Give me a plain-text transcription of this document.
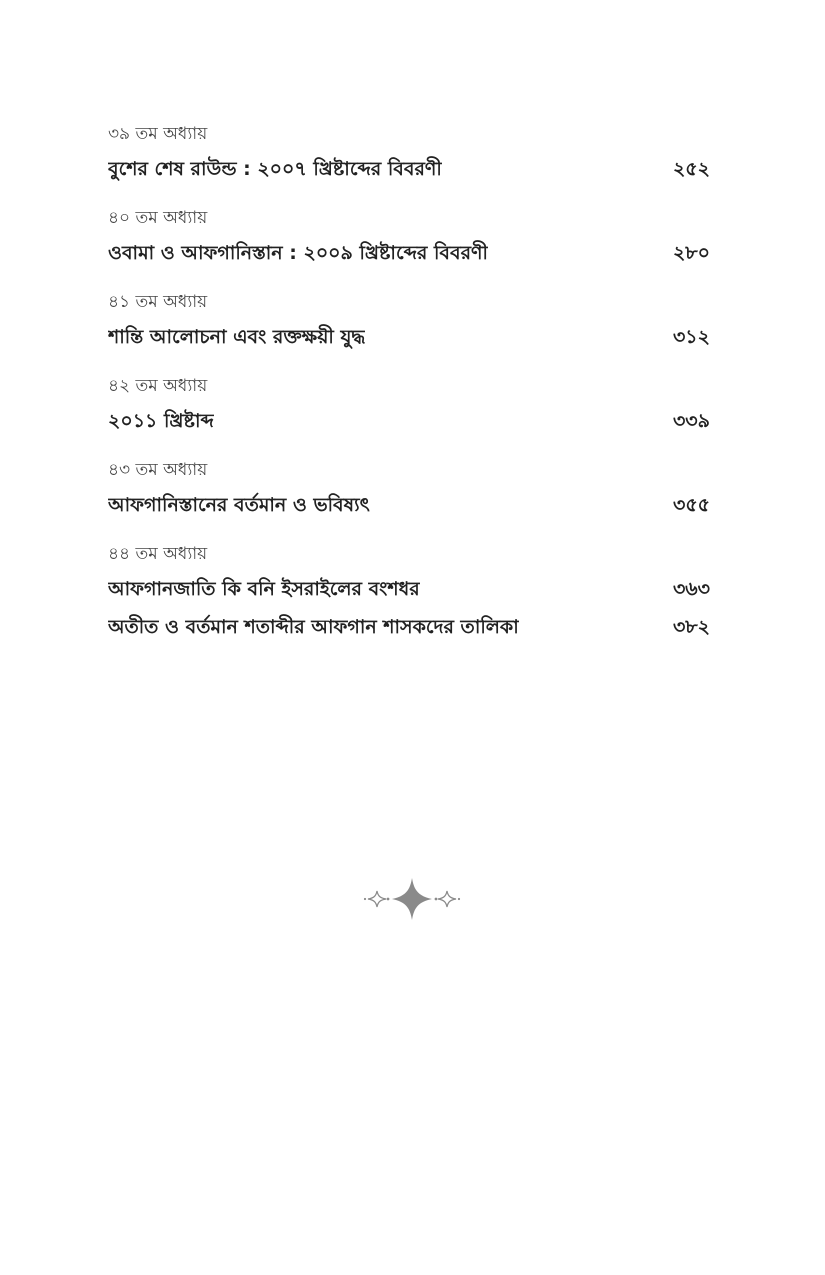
৩৯ তম অধ্যায়
বুশের শেষ রাউন্ড : ২০০৭ খ্রিষ্টাব্দের বিবরণী	২৫২
৪০ তম অধ্যায়
ওবামা ও আফগানিস্তান : ২০০৯ খ্রিষ্টাব্দের বিবরণী	২৮০
৪১ তম অধ্যায়
শান্তি আলোচনা এবং রক্তক্ষয়ী যুদ্ধ	৩১২
৪২ তম অধ্যায়
২০১১ খ্রিষ্টাব্দ	৩৩৯
৪৩ তম অধ্যায়
আফগানিস্তানের বর্তমান ও ভবিষ্যৎ	৩৫৫
৪৪ তম অধ্যায়
আফগানজাতি কি বনি ইসরাইলের বংশধর	৩৬৩
অতীত ও বর্তমান শতাব্দীর আফগান শাসকদের তালিকা	৩৮২
